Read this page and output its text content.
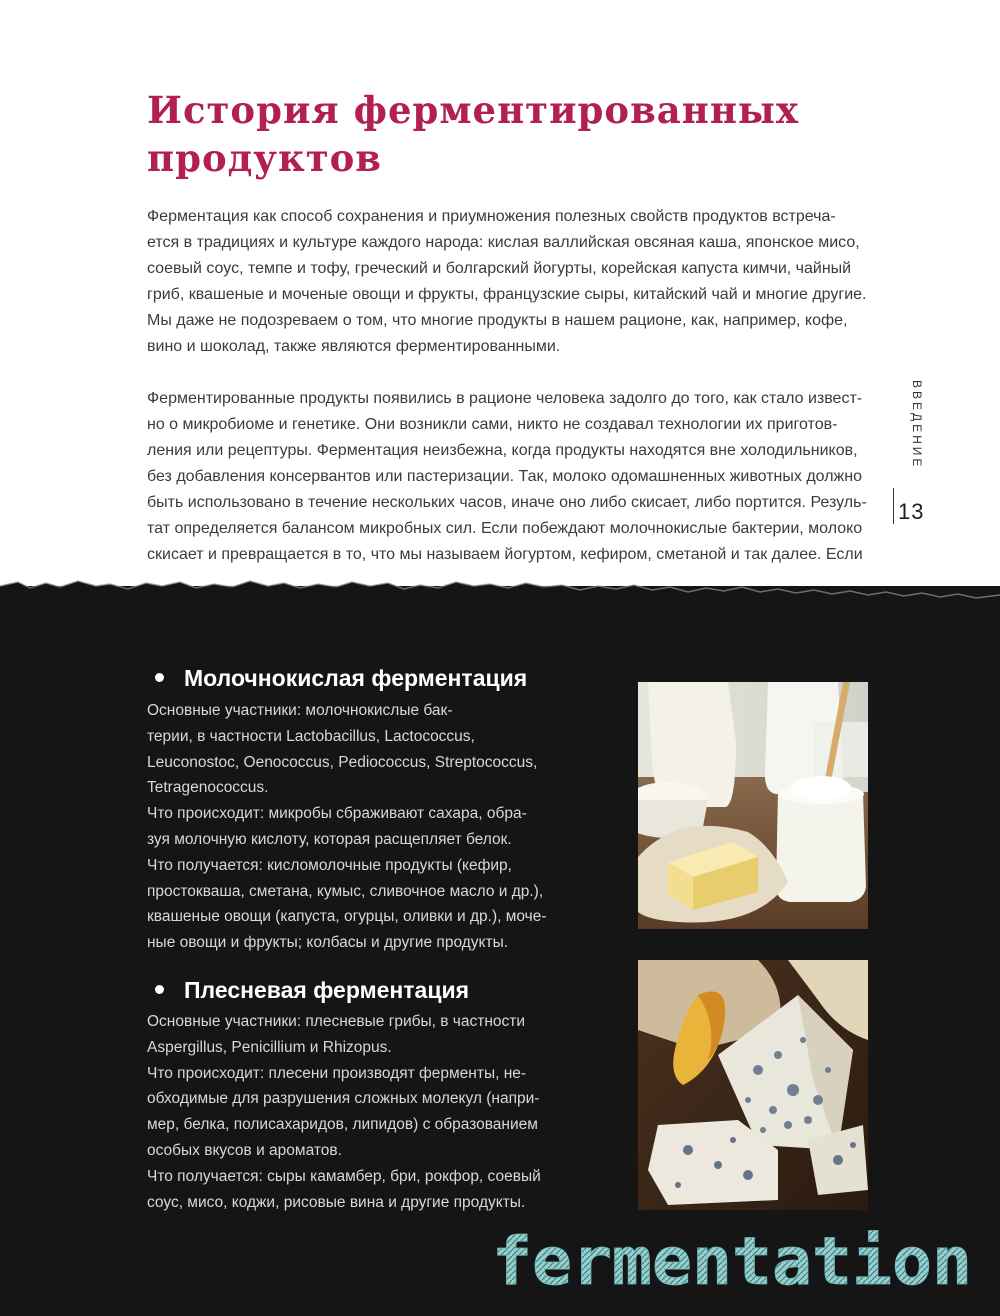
История ферментированных
продуктов
Ферментация как способ сохранения и приумножения полезных свойств продуктов встреча-
ется в традициях и культуре каждого народа: кислая валлийская овсяная каша, японское мисо,
соевый соус, темпе и тофу, греческий и болгарский йогурты, корейская капуста кимчи, чайный
гриб, квашеные и моченые овощи и фрукты, французские сыры, китайский чай и многие другие.
Мы даже не подозреваем о том, что многие продукты в нашем рационе, как, например, кофе,
вино и шоколад, также являются ферментированными.
Ферментированные продукты появились в рационе человека задолго до того, как стало извест-
но о микробиоме и генетике. Они возникли сами, никто не создавал технологии их приготов-
ления или рецептуры. Ферментация неизбежна, когда продукты находятся вне холодильников,
без добавления консервантов или пастеризации. Так, молоко одомашненных животных должно
быть использовано в течение нескольких часов, иначе оно либо скисает, либо портится. Резуль-
тат определяется балансом микробных сил. Если побеждают молочнокислые бактерии, молоко
скисает и превращается в то, что мы называем йогуртом, кефиром, сметаной и так далее. Если
ВВЕДЕНИЕ
13
Молочнокислая ферментация
Основные участники: молочнокислые бак-
терии, в частности Lactobacillus, Lactococcus,
Leuconostoc, Oenococcus, Pediococcus, Streptococcus,
Tetragenococcus.
Что происходит: микробы сбраживают сахара, обра-
зуя молочную кислоту, которая расщепляет белок.
Что получается: кисломолочные продукты (кефир,
простокваша, сметана, кумыс, сливочное масло и др.),
квашеные овощи (капуста, огурцы, оливки и др.), моче-
ные овощи и фрукты; колбасы и другие продукты.
Плесневая ферментация
Основные участники: плесневые грибы, в частности
Aspergillus, Penicillium и Rhizopus.
Что происходит: плесени производят ферменты, не-
обходимые для разрушения сложных молекул (напри-
мер, белка, полисахаридов, липидов) с образованием
особых вкусов и ароматов.
Что получается: сыры камамбер, бри, рокфор, соевый
соус, мисо, коджи, рисовые вина и другие продукты.
fermentation
